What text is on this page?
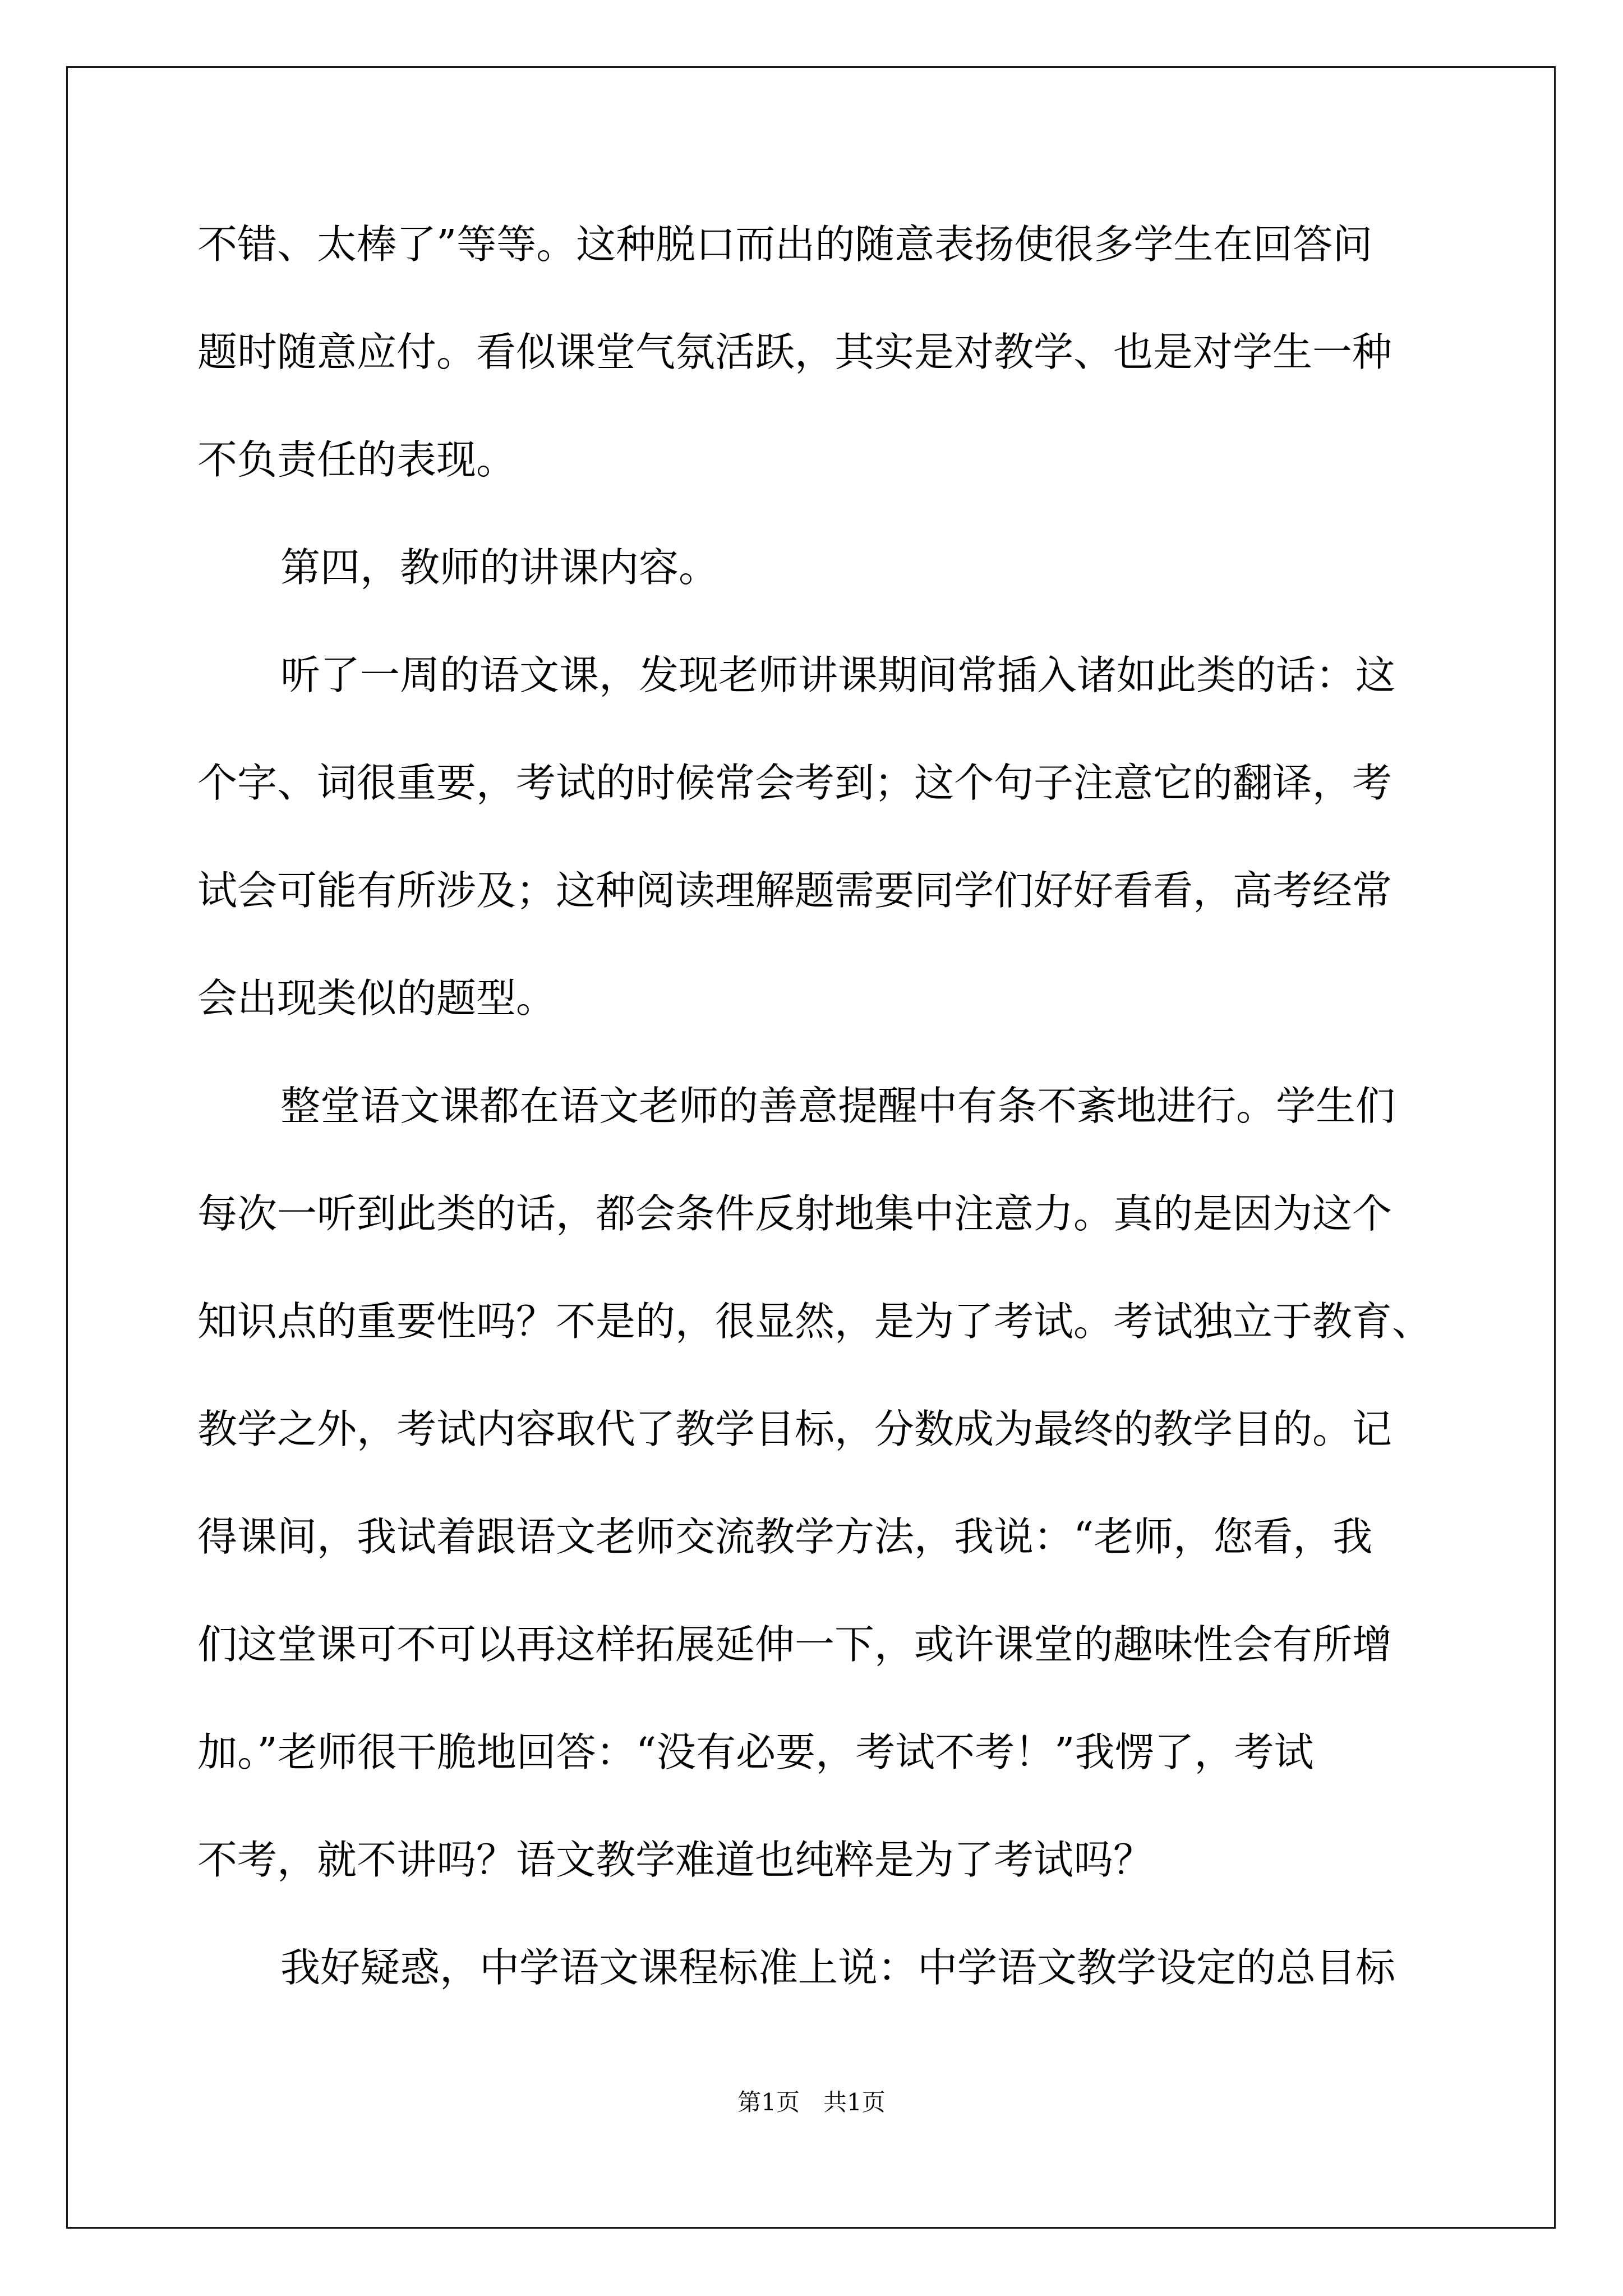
不错、太棒了”等等。这种脱口而出的随意表扬使很多学生在回答问

题时随意应付。看似课堂气氛活跃，其实是对教学、也是对学生一种

不负责任的表现。

第四，教师的讲课内容。

听了一周的语文课，发现老师讲课期间常插入诸如此类的话：这

个字、词很重要，考试的时候常会考到；这个句子注意它的翻译，考

试会可能有所涉及；这种阅读理解题需要同学们好好看看，高考经常

会出现类似的题型。

整堂语文课都在语文老师的善意提醒中有条不紊地进行。学生们

每次一听到此类的话，都会条件反射地集中注意力。真的是因为这个

知识点的重要性吗？不是的，很显然，是为了考试。考试独立于教育、

教学之外，考试内容取代了教学目标，分数成为最终的教学目的。记

得课间，我试着跟语文老师交流教学方法，我说：“老师，您看，我

们这堂课可不可以再这样拓展延伸一下，或许课堂的趣味性会有所增

加。”老师很干脆地回答：“没有必要，考试不考！”我愣了，考试

不考，就不讲吗？语文教学难道也纯粹是为了考试吗？

我好疑惑，中学语文课程标准上说：中学语文教学设定的总目标

第1页　共1页
